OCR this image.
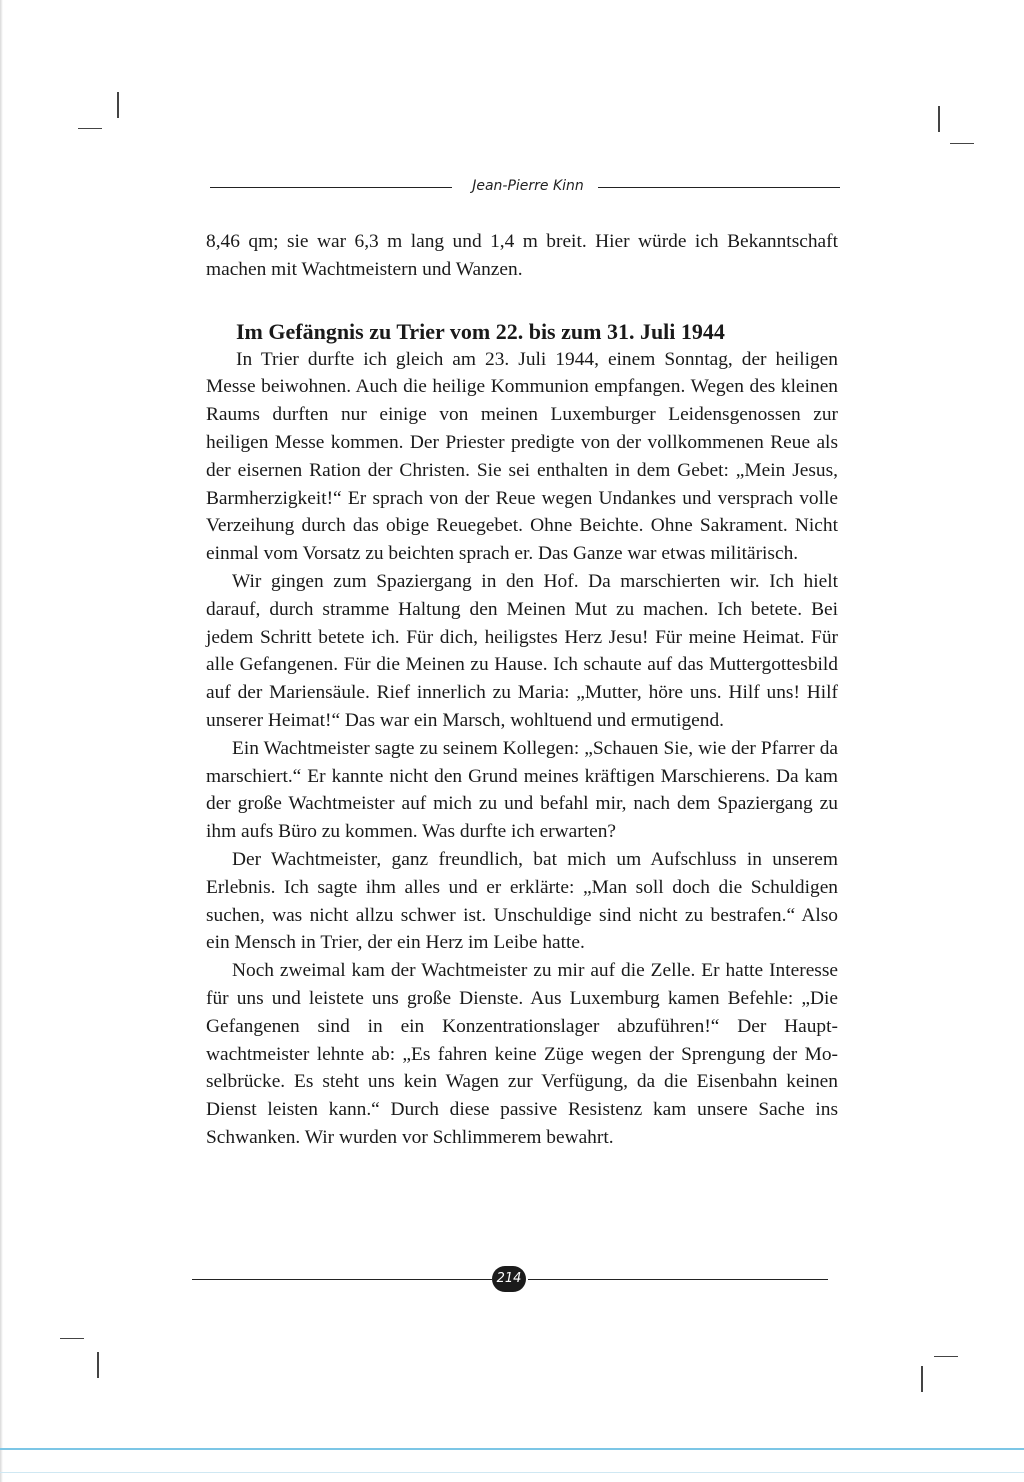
Jean-Pierre Kinn

8,46 qm; sie war 6,3 m lang und 1,4 m breit. Hier würde ich Bekanntschaft machen mit Wachtmeistern und Wanzen.

Im Gefängnis zu Trier vom 22. bis zum 31. Juli 1944

In Trier durfte ich gleich am 23. Juli 1944, einem Sonntag, der heiligen Messe beiwohnen. Auch die heilige Kommunion empfangen. Wegen des kleinen Raums durften nur einige von meinen Luxemburger Leidensgenossen zur heiligen Messe kommen. Der Priester predigte von der vollkommenen Reue als der eisernen Ration der Christen. Sie sei enthalten in dem Gebet: „Mein Jesus, Barmherzigkeit!“ Er sprach von der Reue wegen Undankes und versprach volle Verzeihung durch das obige Reuegebet. Ohne Beichte. Ohne Sakrament. Nicht einmal vom Vorsatz zu beichten sprach er. Das Ganze war etwas militärisch.

Wir gingen zum Spaziergang in den Hof. Da marschierten wir. Ich hielt darauf, durch stramme Haltung den Meinen Mut zu machen. Ich betete. Bei jedem Schritt betete ich. Für dich, heiligstes Herz Jesu! Für meine Heimat. Für alle Gefangenen. Für die Meinen zu Hause. Ich schaute auf das Muttergottesbild auf der Mariensäule. Rief innerlich zu Maria: „Mutter, höre uns. Hilf uns! Hilf unserer Heimat!“ Das war ein Marsch, wohltuend und ermutigend.

Ein Wachtmeister sagte zu seinem Kollegen: „Schauen Sie, wie der Pfarrer da marschiert.“ Er kannte nicht den Grund meines kräftigen Marschierens. Da kam der große Wachtmeister auf mich zu und befahl mir, nach dem Spaziergang zu ihm aufs Büro zu kommen. Was durfte ich erwarten?

Der Wachtmeister, ganz freundlich, bat mich um Aufschluss in unserem Erlebnis. Ich sagte ihm alles und er erklärte: „Man soll doch die Schuldigen suchen, was nicht allzu schwer ist. Unschuldige sind nicht zu bestrafen.“ Also ein Mensch in Trier, der ein Herz im Leibe hatte.

Noch zweimal kam der Wachtmeister zu mir auf die Zelle. Er hatte Interesse für uns und leistete uns große Dienste. Aus Luxemburg kamen Befehle: „Die Gefangenen sind in ein Konzentrationslager abzuführen!“ Der Hauptwachtmeister lehnte ab: „Es fahren keine Züge wegen der Sprengung der Moselbrücke. Es steht uns kein Wagen zur Verfügung, da die Eisenbahn keinen Dienst leisten kann.“ Durch diese passive Resistenz kam unsere Sache ins Schwanken. Wir wurden vor Schlimmerem bewahrt.

214
